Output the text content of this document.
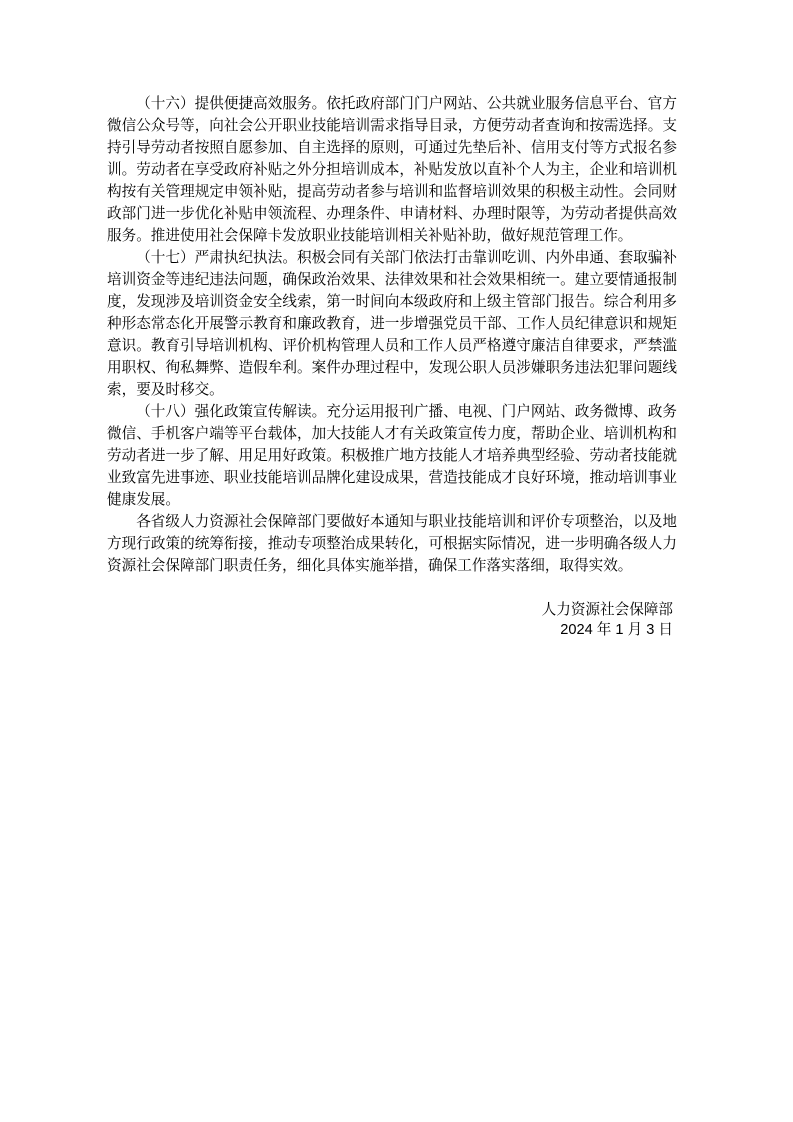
（十六）提供便捷高效服务。依托政府部门门户网站、公共就业服务信息平台、官方微信公众号等，向社会公开职业技能培训需求指导目录，方便劳动者查询和按需选择。支持引导劳动者按照自愿参加、自主选择的原则，可通过先垫后补、信用支付等方式报名参训。劳动者在享受政府补贴之外分担培训成本，补贴发放以直补个人为主，企业和培训机构按有关管理规定申领补贴，提高劳动者参与培训和监督培训效果的积极主动性。会同财政部门进一步优化补贴申领流程、办理条件、申请材料、办理时限等，为劳动者提供高效服务。推进使用社会保障卡发放职业技能培训相关补贴补助，做好规范管理工作。

（十七）严肃执纪执法。积极会同有关部门依法打击靠训吃训、内外串通、套取骗补培训资金等违纪违法问题，确保政治效果、法律效果和社会效果相统一。建立要情通报制度，发现涉及培训资金安全线索，第一时间向本级政府和上级主管部门报告。综合利用多种形态常态化开展警示教育和廉政教育，进一步增强党员干部、工作人员纪律意识和规矩意识。教育引导培训机构、评价机构管理人员和工作人员严格遵守廉洁自律要求，严禁滥用职权、徇私舞弊、造假牟利。案件办理过程中，发现公职人员涉嫌职务违法犯罪问题线索，要及时移交。

（十八）强化政策宣传解读。充分运用报刊广播、电视、门户网站、政务微博、政务微信、手机客户端等平台载体，加大技能人才有关政策宣传力度，帮助企业、培训机构和劳动者进一步了解、用足用好政策。积极推广地方技能人才培养典型经验、劳动者技能就业致富先进事迹、职业技能培训品牌化建设成果，营造技能成才良好环境，推动培训事业健康发展。

各省级人力资源社会保障部门要做好本通知与职业技能培训和评价专项整治，以及地方现行政策的统筹衔接，推动专项整治成果转化，可根据实际情况，进一步明确各级人力资源社会保障部门职责任务，细化具体实施举措，确保工作落实落细，取得实效。

人力资源社会保障部
2024 年 1 月 3 日
